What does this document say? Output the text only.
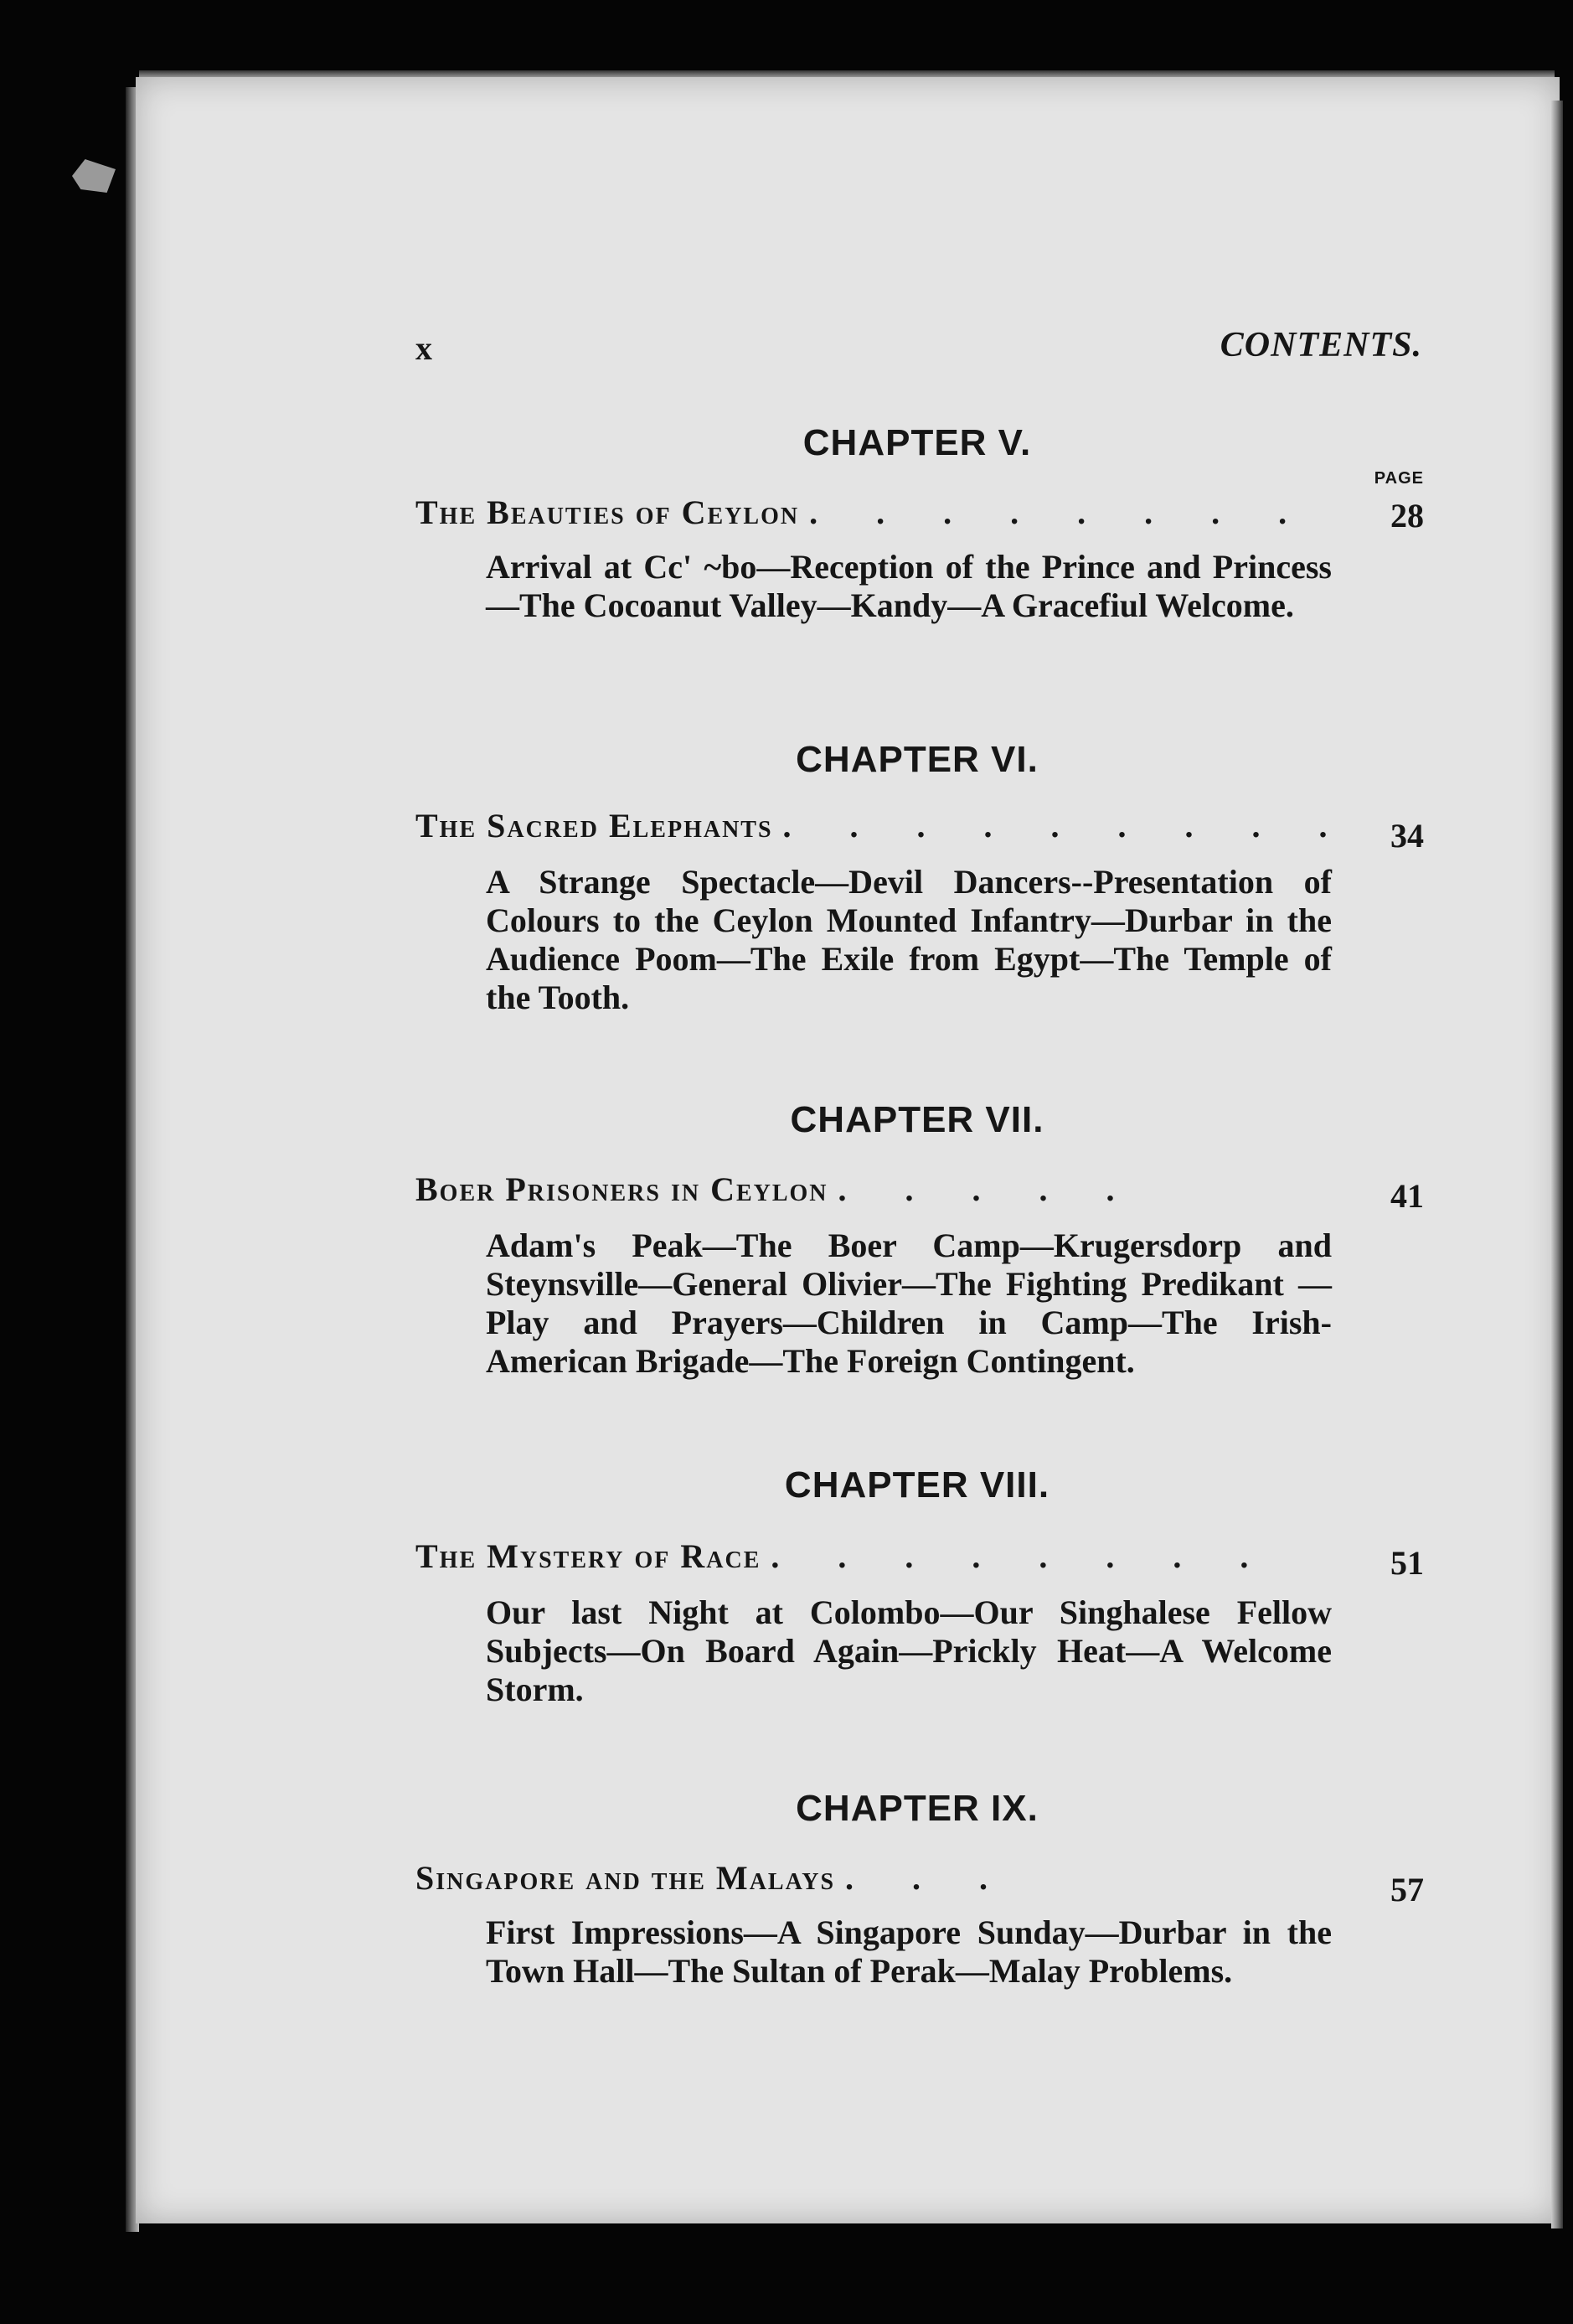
x	CONTENTS.
CHAPTER V.
PAGE
The Beauties of Ceylon . . . . . . . . 28
Arrival at Cc' ~bo—Reception of the Prince and Princess—The Cocoanut Valley—Kandy—A Gracefiul Welcome.
CHAPTER VI.
The Sacred Elephants . . . . . . . . . 34
A Strange Spectacle—Devil Dancers--Presentation of Colours to the Ceylon Mounted Infantry—Durbar in the Audience Poom—The Exile from Egypt—The Temple of the Tooth.
CHAPTER VII.
Boer Prisoners in Ceylon . . . . .	41
Adam's Peak—The Boer Camp—Krugersdorp and Steynsville—General Olivier—The Fighting Predikant —Play and Prayers—Children in Camp—The Irish-American Brigade—The Foreign Contingent.
CHAPTER VIII.
The Mystery of Race . . . . . . . .	51
Our last Night at Colombo—Our Singhalese Fellow Subjects—On Board Again—Prickly Heat—A Welcome Storm.
CHAPTER IX.
Singapore and the Malays . . .	57
First Impressions—A Singapore Sunday—Durbar in the Town Hall—The Sultan of Perak—Malay Problems.
